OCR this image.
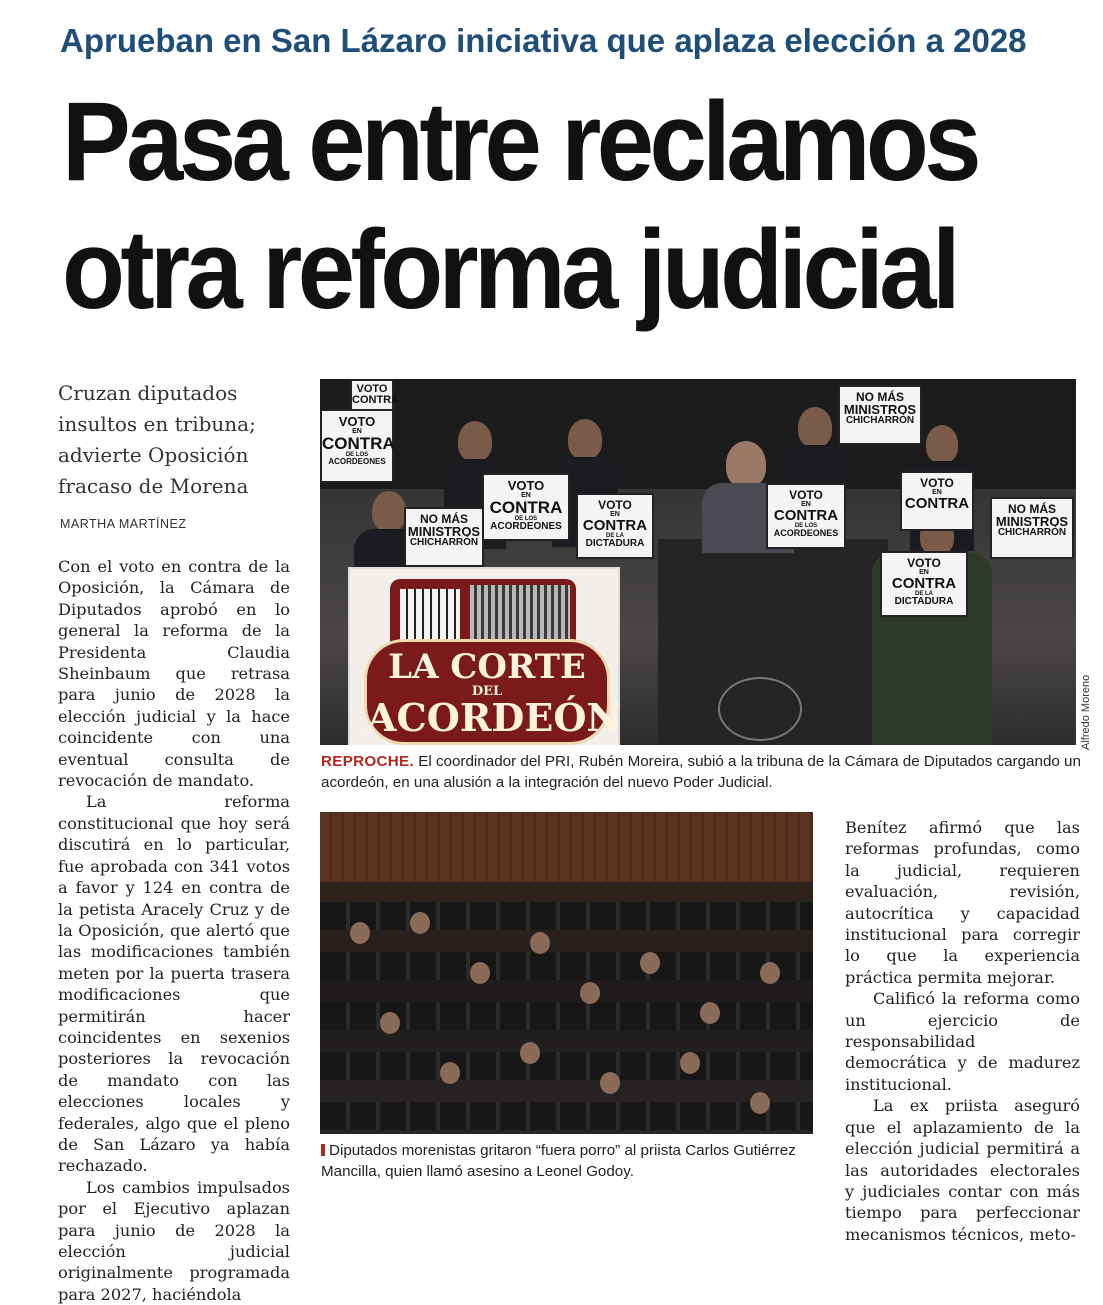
Aprueban en San Lázaro iniciativa que aplaza elección a 2028
Pasa entre reclamos
otra reforma judicial
Cruzan diputados
insultos en tribuna;
advierte Oposición
fracaso de Morena
MARTHA MARTÍNEZ

Con el voto en contra de la Oposición, la Cámara de Diputados aprobó en lo general la reforma de la Presidenta Claudia Sheinbaum que retrasa para junio de 2028 la elección judicial y la hace coincidente con una eventual consulta de revocación de mandato.

La reforma constitucional que hoy será discutirá en lo particular, fue aprobada con 341 votos a favor y 124 en contra de la petista Aracely Cruz y de la Oposición, que alertó que las modificaciones también meten por la puerta trasera modificaciones que permitirán hacer coincidentes en sexenios posteriores la revocación de mandato con las elecciones locales y federales, algo que el pleno de San Lázaro ya había rechazado.

Los cambios impulsados por el Ejecutivo aplazan para junio de 2028 la elección judicial originalmente programada para 2027, haciéndola

VOTO
EN
CONTRA
DE LOS
ACORDEONES
VOTO
CONTRA
VOTO
EN
CONTRA
DE LOS
ACORDEONES
NO MÁS
MINISTROS
CHICHARRÓN
VOTO
EN
CONTRA
DE LA
DICTADURA
VOTO
EN
CONTRA
DE LOS
ACORDEONES
NO MÁS
MINISTROS
CHICHARRÓN
VOTO
EN
CONTRA
VOTO
EN
CONTRA
DE LA
DICTADURA
NO MÁS
MINISTROS
CHICHARRÓN
LA CORTE
DEL
ACORDEÓN	Alfredo Moreno
REPROCHE. El coordinador del PRI, Rubén Moreira, subió a la tribuna de la Cámara de Diputados cargando un acordeón, en una alusión a la integración del nuevo Poder Judicial.
Diputados morenistas gritaron “fuera porro” al priista Carlos Gutiérrez Mancilla, quien llamó asesino a Leonel Godoy.

Benítez afirmó que las reformas profundas, como la judicial, requieren evaluación, revisión, autocrítica y capacidad institucional para corregir lo que la experiencia práctica permita mejorar.

Calificó la reforma como un ejercicio de responsabilidad democrática y de madurez institucional.

La ex priista aseguró que el aplazamiento de la elección judicial permitirá a las autoridades electorales y judiciales contar con más tiempo para perfeccionar mecanismos técnicos, meto-
